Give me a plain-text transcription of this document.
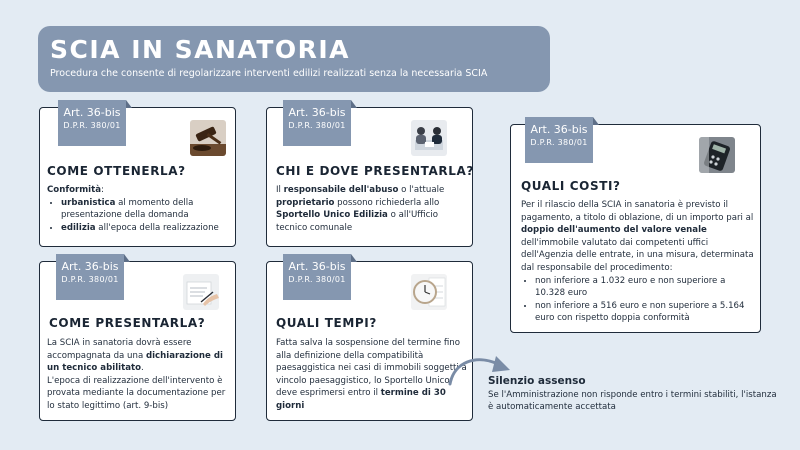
SCIA IN SANATORIA
Procedura che consente di regolarizzare interventi edilizi realizzati senza la necessaria SCIA
Art. 36-bis
D.P.R. 380/01
COME OTTENERLA?
Conformità:
• urbanistica al momento della presentazione della domanda
• edilizia all'epoca della realizzazione
Art. 36-bis
D.P.R. 380/01
CHI E DOVE PRESENTARLA?
Il responsabile dell'abuso o l'attuale proprietario possono richiederla allo Sportello Unico Edilizia o all'Ufficio tecnico comunale
Art. 36-bis
D.P.R. 380/01
QUALI COSTI?
Per il rilascio della SCIA in sanatoria è previsto il pagamento, a titolo di oblazione, di un importo pari al doppio dell'aumento del valore venale dell'immobile valutato dai competenti uffici dell'Agenzia delle entrate, in una misura, determinata dal responsabile del procedimento:
• non inferiore a 1.032 euro e non superiore a 10.328 euro
• non inferiore a 516 euro e non superiore a 5.164 euro con rispetto doppia conformità
Art. 36-bis
D.P.R. 380/01
COME PRESENTARLA?
La SCIA in sanatoria dovrà essere accompagnata da una dichiarazione di un tecnico abilitato.
L'epoca di realizzazione dell'intervento è provata mediante la documentazione per lo stato legittimo (art. 9-bis)
Art. 36-bis
D.P.R. 380/01
QUALI TEMPI?
Fatta salva la sospensione del termine fino alla definizione della compatibilità paesaggistica nei casi di immobili soggetti a vincolo paesaggistico, lo Sportello Unico deve esprimersi entro il termine di 30 giorni
Silenzio assenso
Se l'Amministrazione non risponde entro i termini stabiliti, l'istanza è automaticamente accettata
